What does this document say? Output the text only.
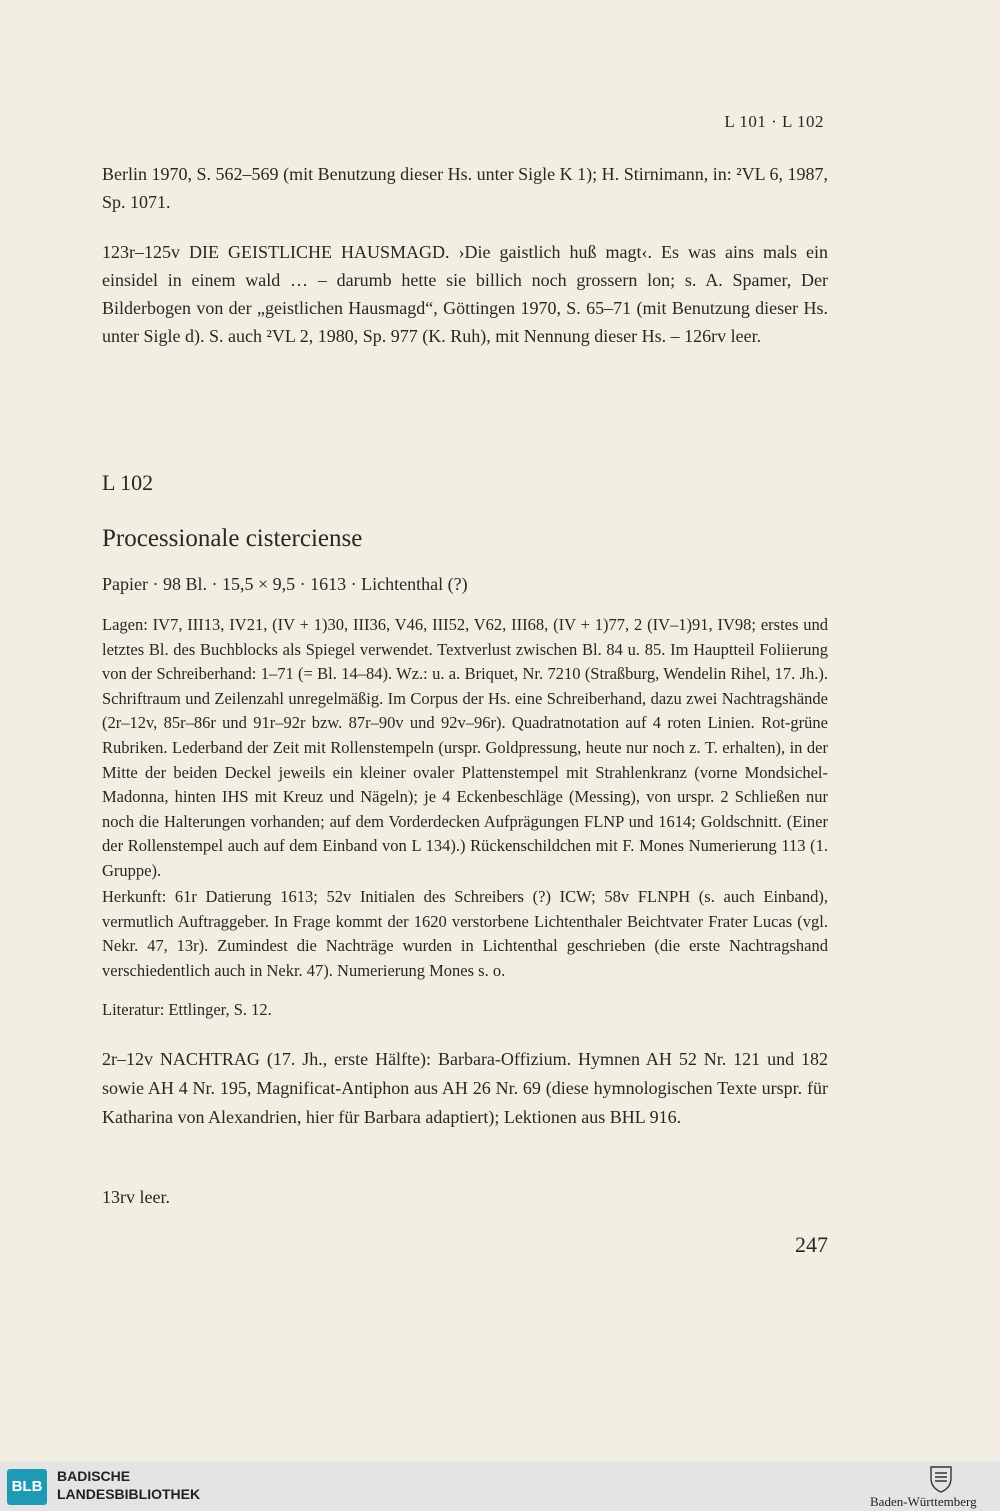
L 101 · L 102
Berlin 1970, S. 562–569 (mit Benutzung dieser Hs. unter Sigle K 1); H. Stirnimann, in: ²VL 6, 1987, Sp. 1071.
123r–125v DIE GEISTLICHE HAUSMAGD. ›Die gaistlich huß magt‹. Es was ains mals ein einsidel in einem wald … – darumb hette sie billich noch grossern lon; s. A. Spamer, Der Bilderbogen von der „geistlichen Hausmagd“, Göttingen 1970, S. 65–71 (mit Benutzung dieser Hs. unter Sigle d). S. auch ²VL 2, 1980, Sp. 977 (K. Ruh), mit Nennung dieser Hs. – 126rv leer.
L 102
Processionale cisterciense
Papier · 98 Bl. · 15,5 × 9,5 · 1613 · Lichtenthal (?)
Lagen: IV7, III13, IV21, (IV + 1)30, III36, V46, III52, V62, III68, (IV + 1)77, 2 (IV–1)91, IV98; erstes und letztes Bl. des Buchblocks als Spiegel verwendet. Textverlust zwischen Bl. 84 u. 85. Im Hauptteil Foliierung von der Schreiberhand: 1–71 (= Bl. 14–84). Wz.: u. a. Briquet, Nr. 7210 (Straßburg, Wendelin Rihel, 17. Jh.). Schriftraum und Zeilenzahl unregelmäßig. Im Corpus der Hs. eine Schreiberhand, dazu zwei Nachtragshände (2r–12v, 85r–86r und 91r–92r bzw. 87r–90v und 92v–96r). Quadratnotation auf 4 roten Linien. Rot-grüne Rubriken. Lederband der Zeit mit Rollenstempeln (urspr. Goldpressung, heute nur noch z. T. erhalten), in der Mitte der beiden Deckel jeweils ein kleiner ovaler Plattenstempel mit Strahlenkranz (vorne Mondsichel-Madonna, hinten IHS mit Kreuz und Nägeln); je 4 Eckenbeschläge (Messing), von urspr. 2 Schließen nur noch die Halterungen vorhanden; auf dem Vorderdecken Aufprägungen FLNP und 1614; Goldschnitt. (Einer der Rollenstempel auch auf dem Einband von L 134).) Rückenschildchen mit F. Mones Numerierung 113 (1. Gruppe).
Herkunft: 61r Datierung 1613; 52v Initialen des Schreibers (?) ICW; 58v FLNPH (s. auch Einband), vermutlich Auftraggeber. In Frage kommt der 1620 verstorbene Lichtenthaler Beichtvater Frater Lucas (vgl. Nekr. 47, 13r). Zumindest die Nachträge wurden in Lichtenthal geschrieben (die erste Nachtragshand verschiedentlich auch in Nekr. 47). Numerierung Mones s. o.
Literatur: Ettlinger, S. 12.
2r–12v NACHTRAG (17. Jh., erste Hälfte): Barbara-Offizium. Hymnen AH 52 Nr. 121 und 182 sowie AH 4 Nr. 195, Magnificat-Antiphon aus AH 26 Nr. 69 (diese hymnologischen Texte urspr. für Katharina von Alexandrien, hier für Barbara adaptiert); Lektionen aus BHL 916.
13rv leer.
247
BLB
BADISCHE
LANDESBIBLIOTHEK	Baden-Württemberg
